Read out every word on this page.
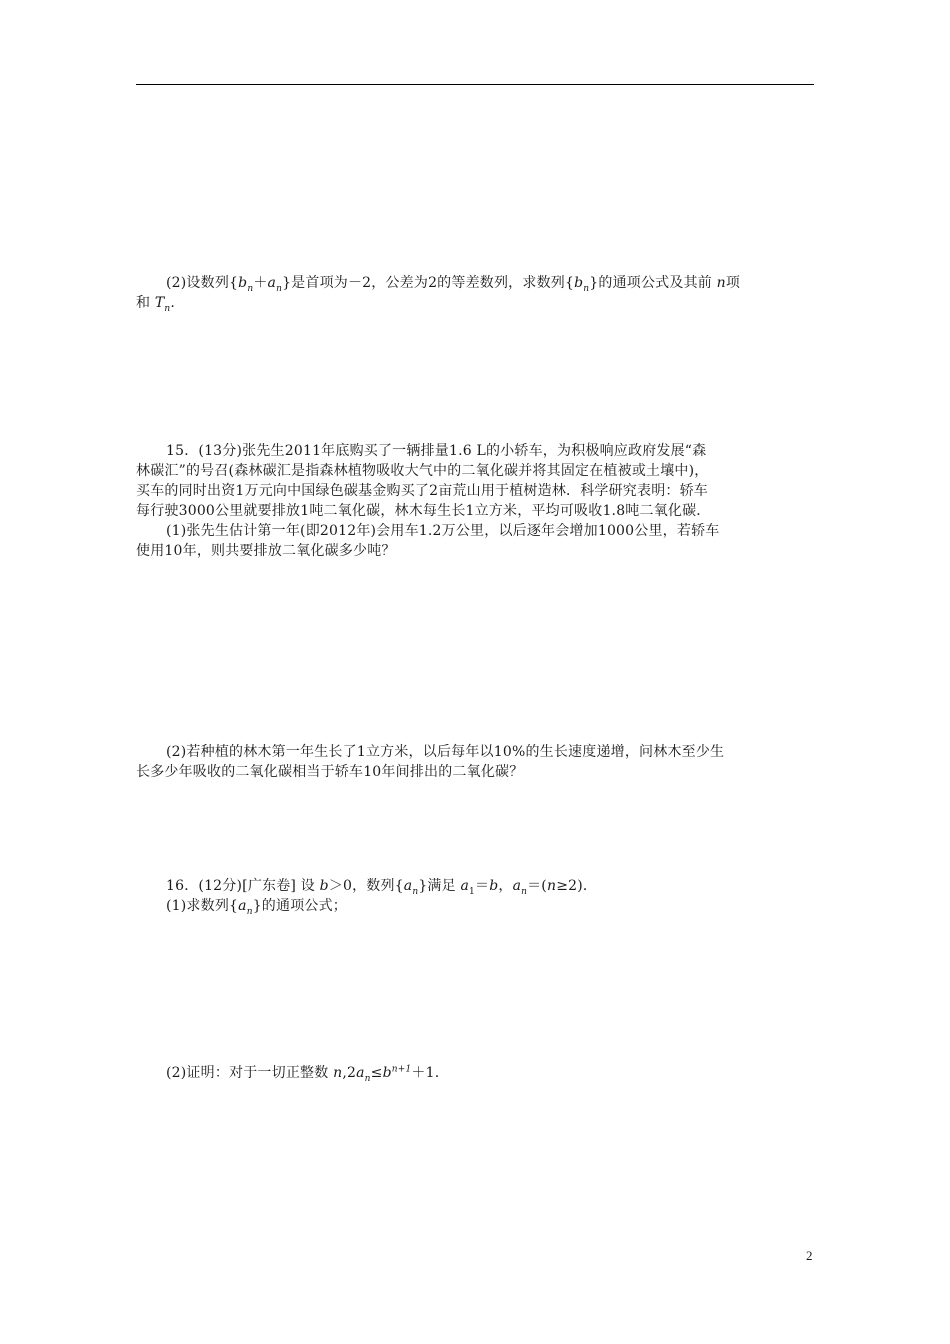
(2)设数列$\{b_n+a_n\}$是首项为－2，公差为2的等差数列，求数列$\{b_n\}$的通项公式及其前 n项
和 $T_n$.
15．(13分)张先生2011年底购买了一辆排量1.6 L的小轿车，为积极响应政府发展“森
林碳汇”的号召(森林碳汇是指森林植物吸收大气中的二氧化碳并将其固定在植被或土壤中)，
买车的同时出资1万元向中国绿色碳基金购买了2亩荒山用于植树造林．科学研究表明：轿车
每行驶3000公里就要排放1吨二氧化碳，林木每生长1立方米，平均可吸收1.8吨二氧化碳．
(1)张先生估计第一年(即2012年)会用车1.2万公里，以后逐年会增加1000公里，若轿车
使用10年，则共要排放二氧化碳多少吨？
(2)若种植的林木第一年生长了1立方米，以后每年以10%的生长速度递增，问林木至少生
长多少年吸收的二氧化碳相当于轿车10年间排出的二氧化碳？
16．(12分)[广东卷] 设 b＞0，数列$\{a_n\}$满足 $a_1=b$，$a_n=(n\ge 2)$．
(1)求数列$\{a_n\}$的通项公式；
(2)证明：对于一切正整数 $n,2a_n\le b^{n+1}+1$.
2
